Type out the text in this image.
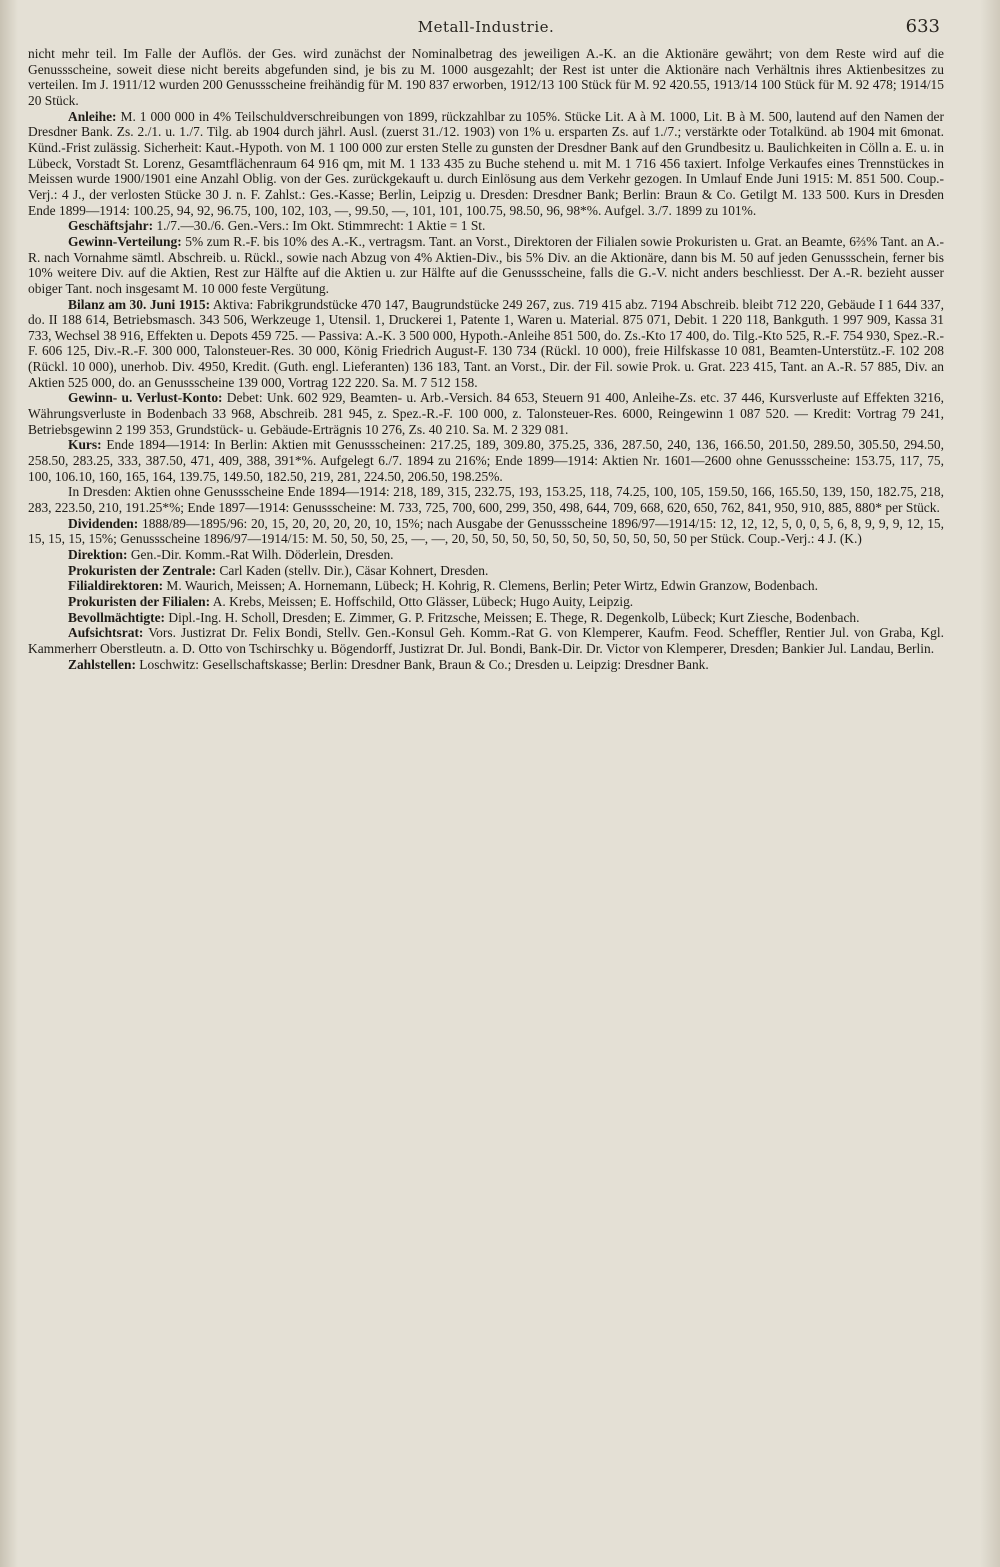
Metall-Industrie.	633

nicht mehr teil. Im Falle der Auflös. der Ges. wird zunächst der Nominalbetrag des jeweiligen A.-K. an die Aktionäre gewährt; von dem Reste wird auf die Genussscheine, soweit diese nicht bereits abgefunden sind, je bis zu M. 1000 ausgezahlt; der Rest ist unter die Aktionäre nach Verhältnis ihres Aktienbesitzes zu verteilen. Im J. 1911/12 wurden 200 Genussscheine freihändig für M. 190 837 erworben, 1912/13 100 Stück für M. 92 420.55, 1913/14 100 Stück für M. 92 478; 1914/15 20 Stück.

Anleihe: M. 1 000 000 in 4% Teilschuldverschreibungen von 1899, rückzahlbar zu 105%. Stücke Lit. A à M. 1000, Lit. B à M. 500, lautend auf den Namen der Dresdner Bank. Zs. 2./1. u. 1./7. Tilg. ab 1904 durch jährl. Ausl. (zuerst 31./12. 1903) von 1% u. ersparten Zs. auf 1./7.; verstärkte oder Totalkünd. ab 1904 mit 6monat. Künd.-Frist zulässig. Sicherheit: Kaut.-Hypoth. von M. 1 100 000 zur ersten Stelle zu gunsten der Dresdner Bank auf den Grundbesitz u. Baulichkeiten in Cölln a. E. u. in Lübeck, Vorstadt St. Lorenz, Gesamtflächenraum 64 916 qm, mit M. 1 133 435 zu Buche stehend u. mit M. 1 716 456 taxiert. Infolge Verkaufes eines Trennstückes in Meissen wurde 1900/1901 eine Anzahl Oblig. von der Ges. zurückgekauft u. durch Einlösung aus dem Verkehr gezogen. In Umlauf Ende Juni 1915: M. 851 500. Coup.-Verj.: 4 J., der verlosten Stücke 30 J. n. F. Zahlst.: Ges.-Kasse; Berlin, Leipzig u. Dresden: Dresdner Bank; Berlin: Braun & Co. Getilgt M. 133 500. Kurs in Dresden Ende 1899—1914: 100.25, 94, 92, 96.75, 100, 102, 103, —, 99.50, —, 101, 101, 100.75, 98.50, 96, 98*%. Aufgel. 3./7. 1899 zu 101%.

Geschäftsjahr: 1./7.—30./6. Gen.-Vers.: Im Okt. Stimmrecht: 1 Aktie = 1 St.

Gewinn-Verteilung: 5% zum R.-F. bis 10% des A.-K., vertragsm. Tant. an Vorst., Direktoren der Filialen sowie Prokuristen u. Grat. an Beamte, 6⅔% Tant. an A.-R. nach Vornahme sämtl. Abschreib. u. Rückl., sowie nach Abzug von 4% Aktien-Div., bis 5% Div. an die Aktionäre, dann bis M. 50 auf jeden Genussschein, ferner bis 10% weitere Div. auf die Aktien, Rest zur Hälfte auf die Aktien u. zur Hälfte auf die Genussscheine, falls die G.-V. nicht anders beschliesst. Der A.-R. bezieht ausser obiger Tant. noch insgesamt M. 10 000 feste Vergütung.

Bilanz am 30. Juni 1915: Aktiva: Fabrikgrundstücke 470 147, Baugrundstücke 249 267, zus. 719 415 abz. 7194 Abschreib. bleibt 712 220, Gebäude I 1 644 337, do. II 188 614, Betriebsmasch. 343 506, Werkzeuge 1, Utensil. 1, Druckerei 1, Patente 1, Waren u. Material. 875 071, Debit. 1 220 118, Bankguth. 1 997 909, Kassa 31 733, Wechsel 38 916, Effekten u. Depots 459 725. — Passiva: A.-K. 3 500 000, Hypoth.-Anleihe 851 500, do. Zs.-Kto 17 400, do. Tilg.-Kto 525, R.-F. 754 930, Spez.-R.-F. 606 125, Div.-R.-F. 300 000, Talonsteuer-Res. 30 000, König Friedrich August-F. 130 734 (Rückl. 10 000), freie Hilfskasse 10 081, Beamten-Unterstütz.-F. 102 208 (Rückl. 10 000), unerhob. Div. 4950, Kredit. (Guth. engl. Lieferanten) 136 183, Tant. an Vorst., Dir. der Fil. sowie Prok. u. Grat. 223 415, Tant. an A.-R. 57 885, Div. an Aktien 525 000, do. an Genussscheine 139 000, Vortrag 122 220. Sa. M. 7 512 158.

Gewinn- u. Verlust-Konto: Debet: Unk. 602 929, Beamten- u. Arb.-Versich. 84 653, Steuern 91 400, Anleihe-Zs. etc. 37 446, Kursverluste auf Effekten 3216, Währungsverluste in Bodenbach 33 968, Abschreib. 281 945, z. Spez.-R.-F. 100 000, z. Talonsteuer-Res. 6000, Reingewinn 1 087 520. — Kredit: Vortrag 79 241, Betriebsgewinn 2 199 353, Grundstück- u. Gebäude-Erträgnis 10 276, Zs. 40 210. Sa. M. 2 329 081.

Kurs: Ende 1894—1914: In Berlin: Aktien mit Genussscheinen: 217.25, 189, 309.80, 375.25, 336, 287.50, 240, 136, 166.50, 201.50, 289.50, 305.50, 294.50, 258.50, 283.25, 333, 387.50, 471, 409, 388, 391*%. Aufgelegt 6./7. 1894 zu 216%; Ende 1899—1914: Aktien Nr. 1601—2600 ohne Genussscheine: 153.75, 117, 75, 100, 106.10, 160, 165, 164, 139.75, 149.50, 182.50, 219, 281, 224.50, 206.50, 198.25%.

In Dresden: Aktien ohne Genussscheine Ende 1894—1914: 218, 189, 315, 232.75, 193, 153.25, 118, 74.25, 100, 105, 159.50, 166, 165.50, 139, 150, 182.75, 218, 283, 223.50, 210, 191.25*%; Ende 1897—1914: Genussscheine: M. 733, 725, 700, 600, 299, 350, 498, 644, 709, 668, 620, 650, 762, 841, 950, 910, 885, 880* per Stück.

Dividenden: 1888/89—1895/96: 20, 15, 20, 20, 20, 20, 10, 15%; nach Ausgabe der Genussscheine 1896/97—1914/15: 12, 12, 12, 5, 0, 0, 5, 6, 8, 9, 9, 9, 12, 15, 15, 15, 15, 15%; Genussscheine 1896/97—1914/15: M. 50, 50, 50, 25, —, —, 20, 50, 50, 50, 50, 50, 50, 50, 50, 50, 50, 50 per Stück. Coup.-Verj.: 4 J. (K.)

Direktion: Gen.-Dir. Komm.-Rat Wilh. Döderlein, Dresden.

Prokuristen der Zentrale: Carl Kaden (stellv. Dir.), Cäsar Kohnert, Dresden.

Filialdirektoren: M. Waurich, Meissen; A. Hornemann, Lübeck; H. Kohrig, R. Clemens, Berlin; Peter Wirtz, Edwin Granzow, Bodenbach.

Prokuristen der Filialen: A. Krebs, Meissen; E. Hoffschild, Otto Glässer, Lübeck; Hugo Auity, Leipzig.

Bevollmächtigte: Dipl.-Ing. H. Scholl, Dresden; E. Zimmer, G. P. Fritzsche, Meissen; E. Thege, R. Degenkolb, Lübeck; Kurt Ziesche, Bodenbach.

Aufsichtsrat: Vors. Justizrat Dr. Felix Bondi, Stellv. Gen.-Konsul Geh. Komm.-Rat G. von Klemperer, Kaufm. Feod. Scheffler, Rentier Jul. von Graba, Kgl. Kammerherr Oberstleutn. a. D. Otto von Tschirschky u. Bögendorff, Justizrat Dr. Jul. Bondi, Bank-Dir. Dr. Victor von Klemperer, Dresden; Bankier Jul. Landau, Berlin.

Zahlstellen: Loschwitz: Gesellschaftskasse; Berlin: Dresdner Bank, Braun & Co.; Dresden u. Leipzig: Dresdner Bank.
